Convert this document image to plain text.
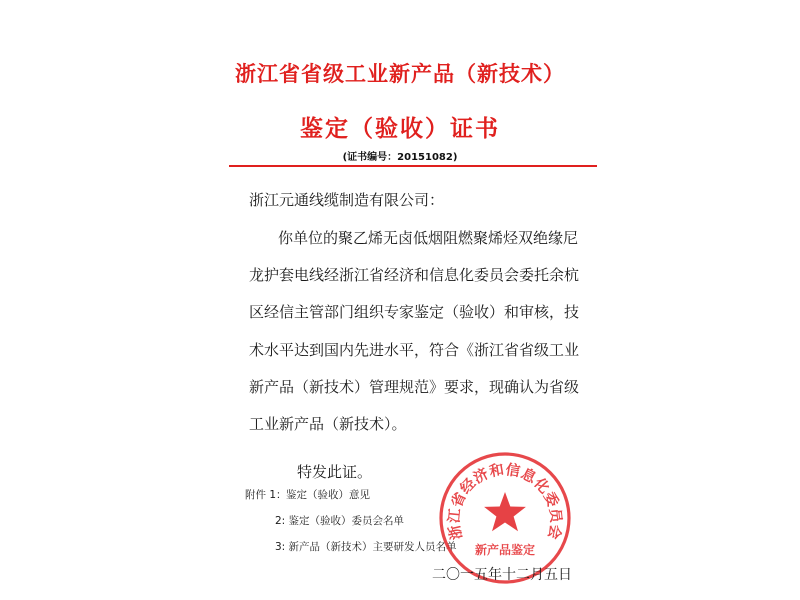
浙江省省级工业新产品（新技术）
鉴定（验收）证书
(证书编号：20151082)
浙江元通线缆制造有限公司：
你单位的聚乙烯无卤低烟阻燃聚烯烃双绝缘尼
龙护套电线经浙江省经济和信息化委员会委托余杭
区经信主管部门组织专家鉴定（验收）和审核，技
术水平达到国内先进水平，符合《浙江省省级工业
新产品（新技术）管理规范》要求，现确认为省级
工业新产品（新技术）。
特发此证。
附件 1： 鉴定（验收）意见
2: 鉴定（验收）委员会名单
3: 新产品（新技术）主要研发人员名单
浙江省经济和信息化委员会
新产品鉴定
二〇一五年十二月五日
